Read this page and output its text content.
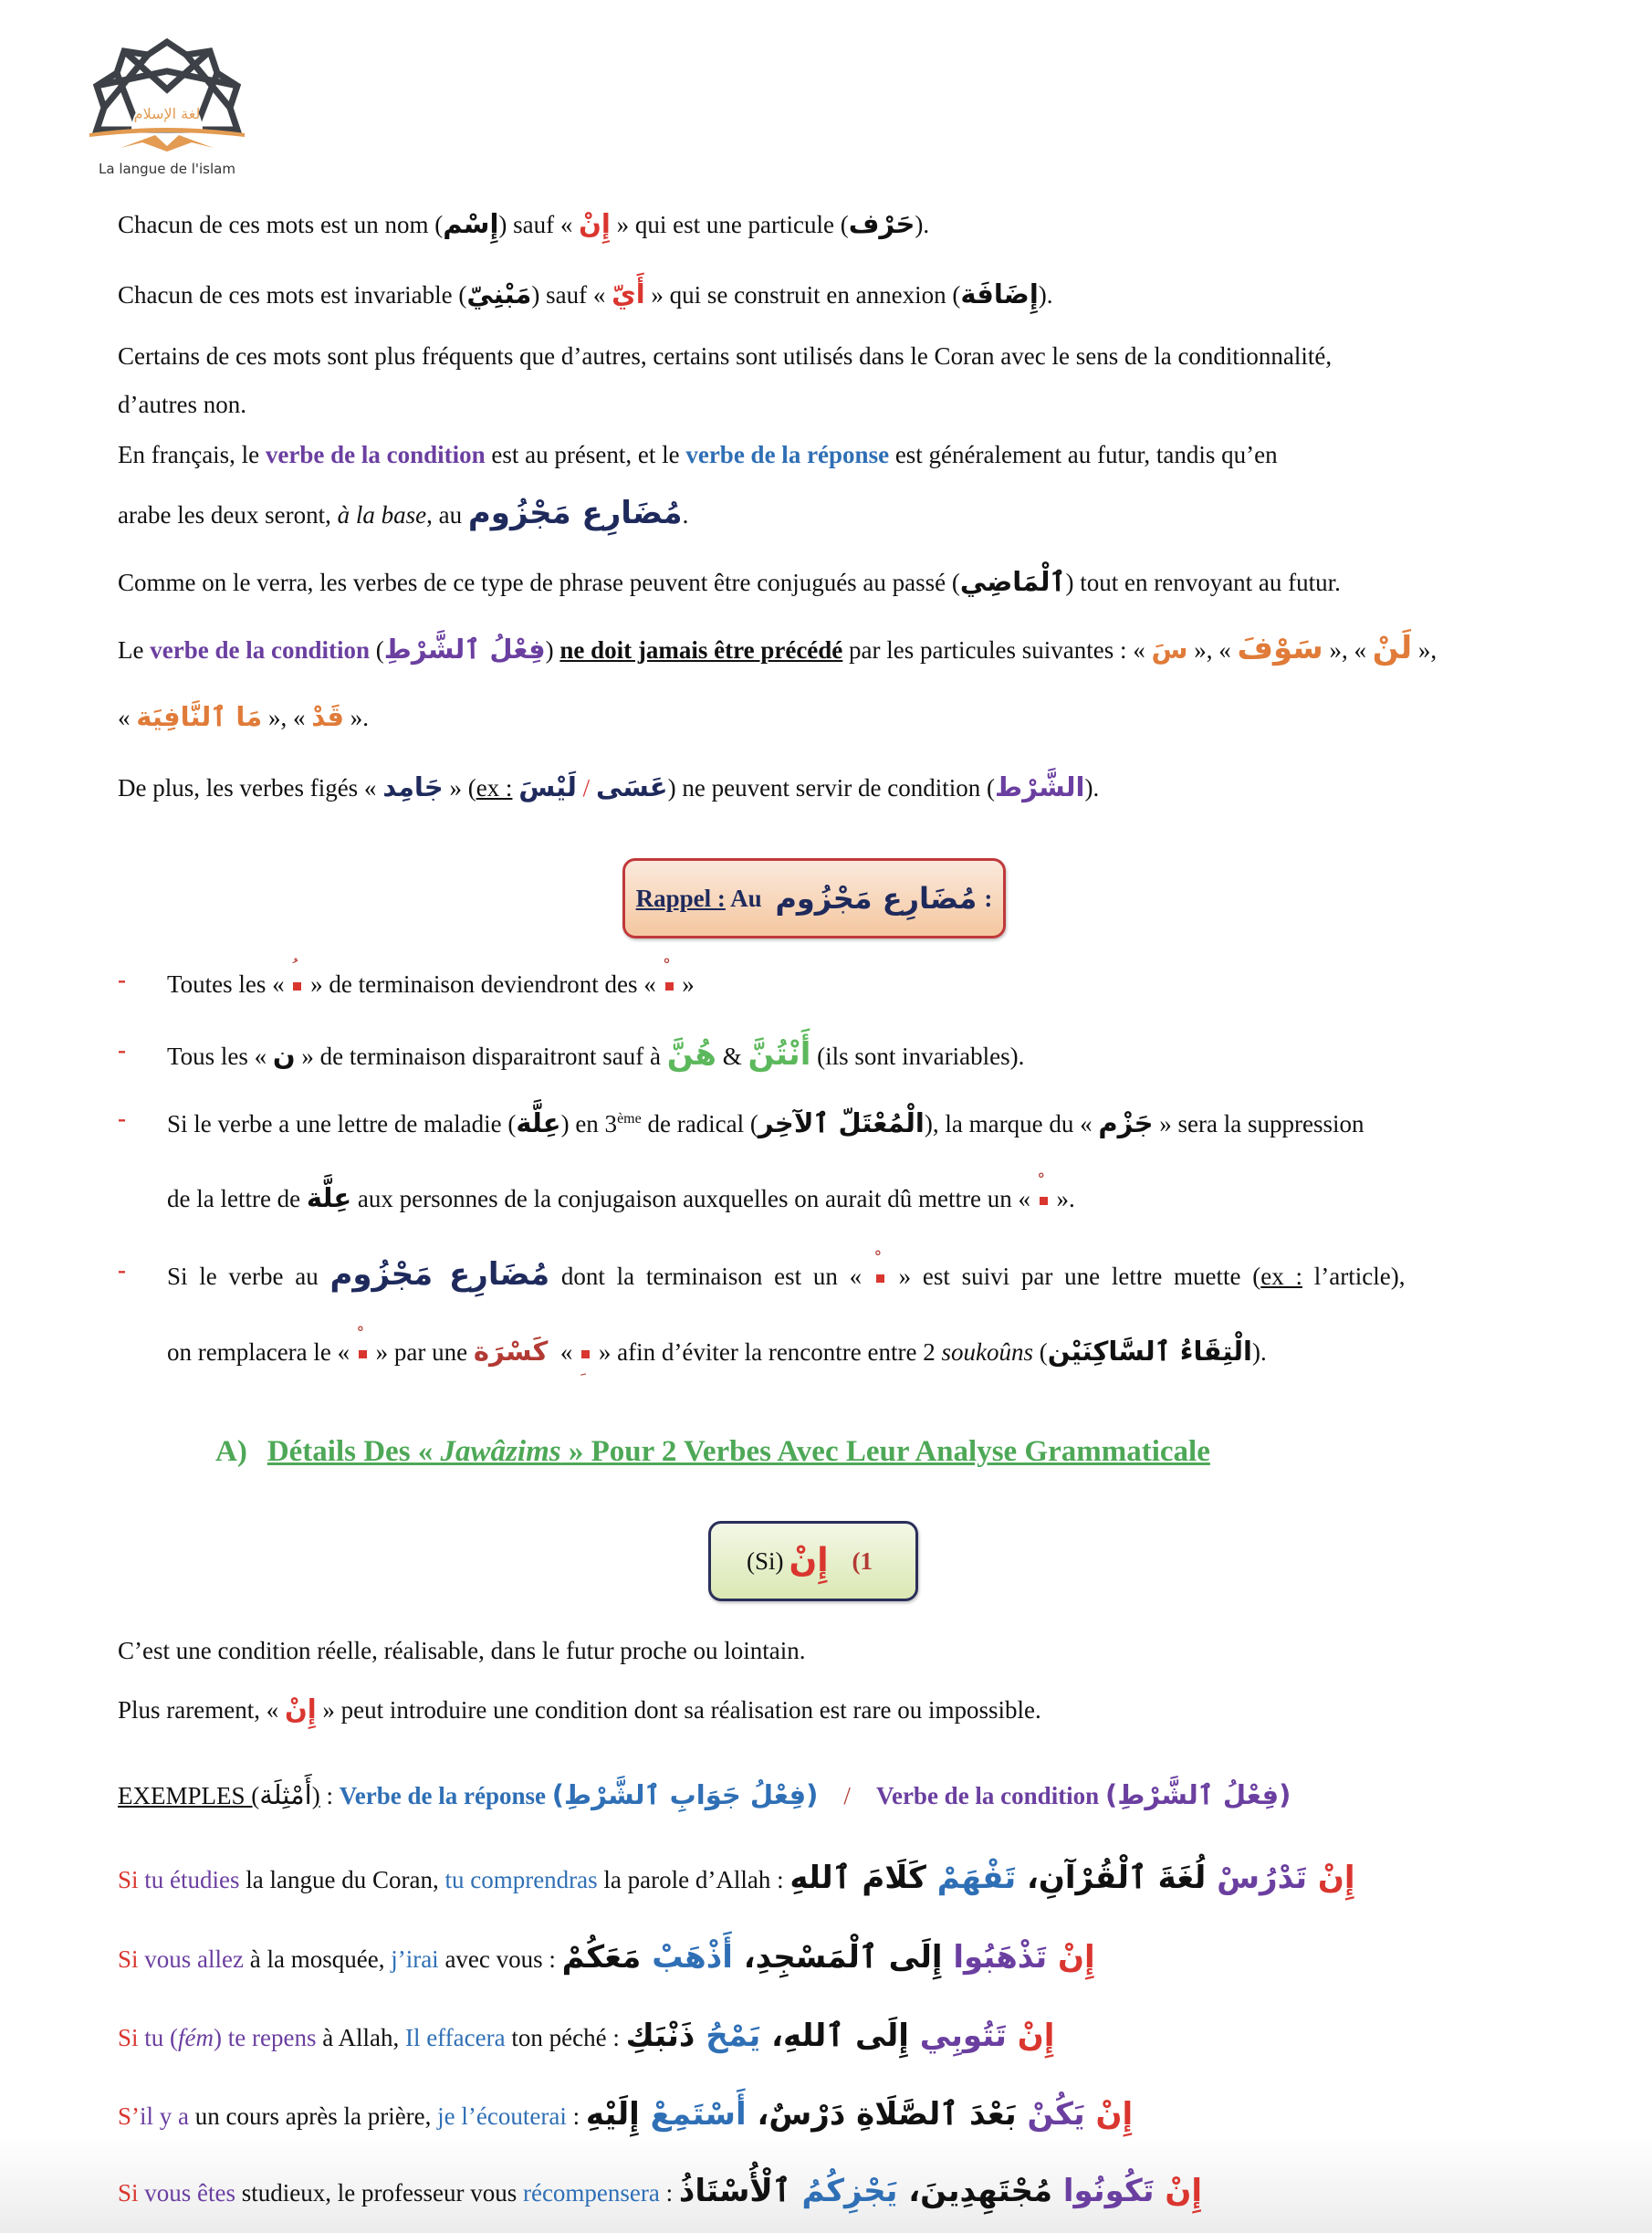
لغة الإسلام
La langue de l'islam
Chacun de ces mots est un nom (إِسْم) sauf « إِنْ » qui est une particule (حَرْف).
Chacun de ces mots est invariable (مَبْنِيّ) sauf « أَيّ » qui se construit en annexion (إِضَافَة).
Certains de ces mots sont plus fréquents que d’autres, certains sont utilisés dans le Coran avec le sens de la conditionnalité,
d’autres non.
En français, le verbe de la condition est au présent, et le verbe de la réponse est généralement au futur, tandis qu’en
arabe les deux seront, à la base, au مُضَارِع مَجْزُوم.
Comme on le verra, les verbes de ce type de phrase peuvent être conjugués au passé (ٱلْمَاضِي) tout en renvoyant au futur.
Le verbe de la condition (فِعْلُ ٱلشَّرْطِ) ne doit jamais être précédé par les particules suivantes : « سَ », « سَوْفَ », « لَنْ »,
« مَا ٱلنَّافِيَة », « قَدْ ».
De plus, les verbes figés « جَامِد » (ex : لَيْسَ / عَسَى) ne peuvent servir de condition (الشَّرْط).
Rappel : Au مُضَارِع مَجْزُوم :
- Toutes les «
» de terminaison deviendront des «
»
- Tous les « ن » de terminaison disparaitront sauf à هُنَّ & أَنْتُنَّ (ils sont invariables).
- Si le verbe a une lettre de maladie (عِلَّة) en 3ème de radical (الْمُعْتَلّ ٱلآخِر), la marque du « جَزْم » sera la suppression
de la lettre de عِلَّة aux personnes de la conjugaison auxquelles on aurait dû mettre un «
».
- Si le verbe au مُضَارِع مَجْزُوم dont la terminaison est un «
» est suivi par une lettre muette (ex : l’article),
on remplacera le «
» par une كَسْرَة  «
» afin d’éviter la rencontre entre 2 soukoûns (الْتِقَاءُ ٱلسَّاكِنَيْن).
A) Détails Des « Jawâzims » Pour 2 Verbes Avec Leur Analyse Grammaticale
1)
إِنْ
(Si)
C’est une condition réelle, réalisable, dans le futur proche ou lointain.
Plus rarement, « إِنْ » peut introduire une condition dont sa réalisation est rare ou impossible.
EXEMPLES (أَمْثِلَة) : Verbe de la réponse (فِعْلُ جَوَابِ ٱلشَّرْطِ) / Verbe de la condition (فِعْلُ ٱلشَّرْطِ)
Si tu étudies la langue du Coran, tu comprendras la parole d’Allah :	إِنْ تَدْرُسْ لُغَةَ ٱلْقُرْآنِ، تَفْهَمْ كَلَامَ ٱللهِ
Si vous allez à la mosquée, j’irai avec vous :	إِنْ تَذْهَبُوا إِلَى ٱلْمَسْجِدِ، أَذْهَبْ مَعَكُمْ
Si tu (fém) te repens à Allah, Il effacera ton péché :	إِنْ تَتُوبِي إِلَى ٱللهِ، يَمْحُ ذَنْبَكِ
S’il y a un cours après la prière, je l’écouterai :	إِنْ يَكُنْ بَعْدَ ٱلصَّلَاةِ دَرْسٌ، أَسْتَمِعْ إِلَيْهِ
Si vous êtes studieux, le professeur vous récompensera :	إِنْ تَكُونُوا مُجْتَهِدِينَ، يَجْزِكُمُ ٱلْأُسْتَاذُ
